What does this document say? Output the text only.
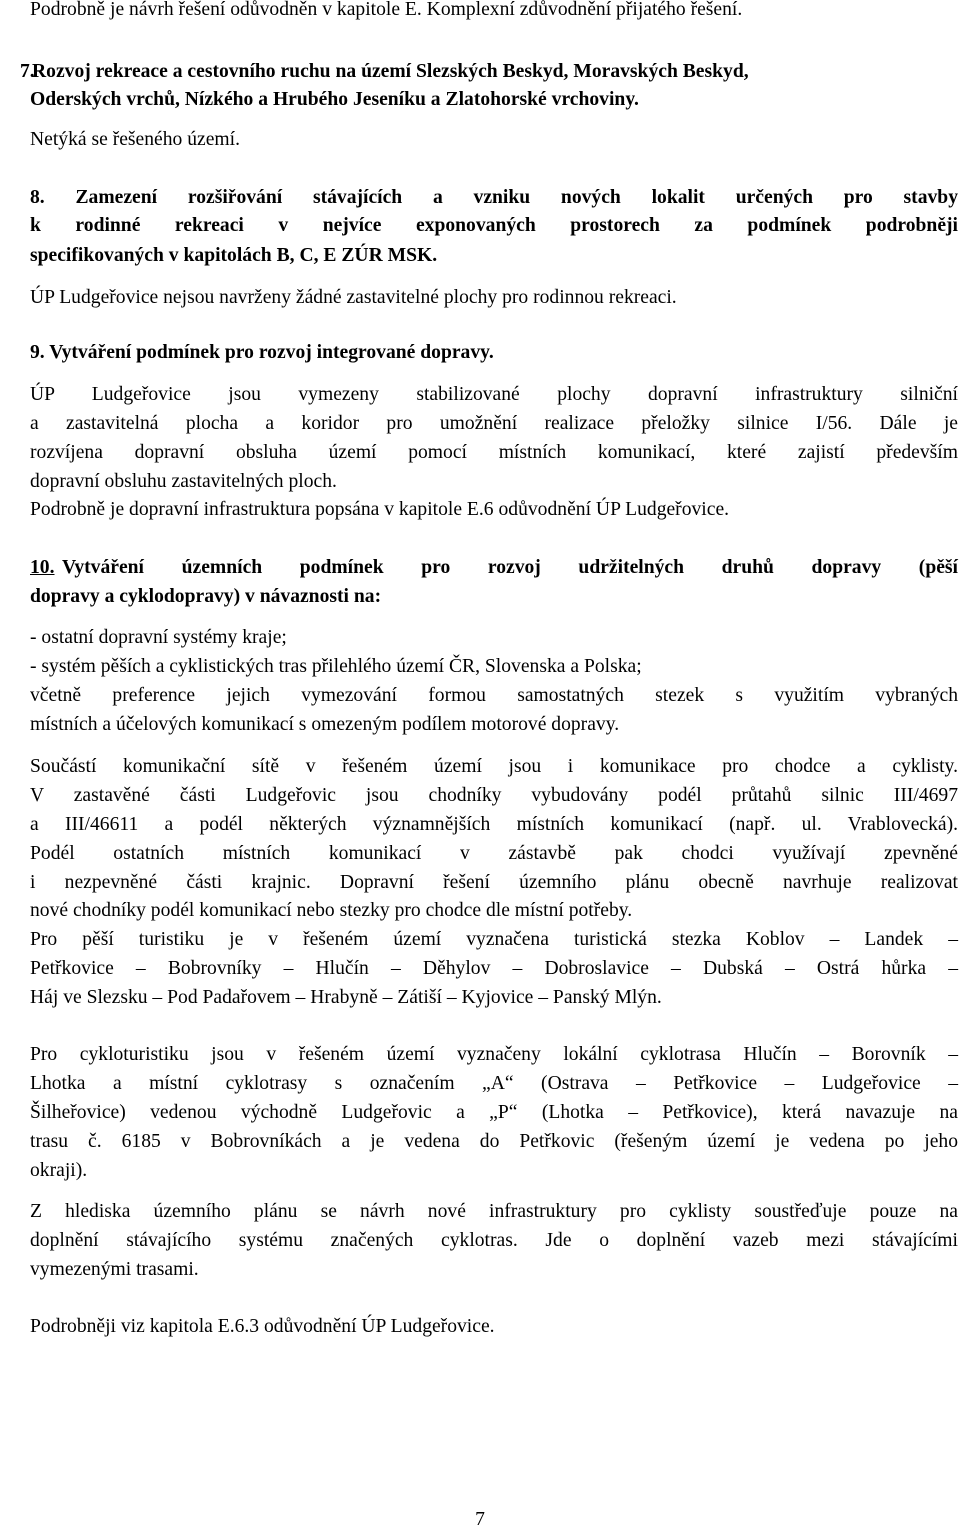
Podrobně je návrh řešení odůvodněn v kapitole E. Komplexní zdůvodnění přijatého řešení.
7.
Rozvoj rekreace a cestovního ruchu na území Slezských Beskyd, Moravských Beskyd,
Oderských vrchů, Nízkého a Hrubého Jeseníku a Zlatohorské vrchoviny.
Netýká se řešeného území.
8. Zamezení rozšiřování stávajících a vzniku nových lokalit určených pro stavby
k rodinné rekreaci v nejvíce exponovaných prostorech za podmínek podrobněji
specifikovaných v kapitolách B, C, E ZÚR MSK.
ÚP Ludgeřovice nejsou navrženy žádné zastavitelné plochy pro rodinnou rekreaci.
9. Vytváření podmínek pro rozvoj integrované dopravy.
ÚP Ludgeřovice jsou vymezeny stabilizované plochy dopravní infrastruktury silniční
a zastavitelná plocha a koridor pro umožnění realizace přeložky silnice I/56. Dále je
rozvíjena dopravní obsluha území pomocí místních komunikací, které zajistí především
dopravní obsluhu zastavitelných ploch.
Podrobně je dopravní infrastruktura popsána v kapitole E.6 odůvodnění ÚP Ludgeřovice.
10. Vytváření územních podmínek pro rozvoj udržitelných druhů dopravy (pěší
dopravy a cyklodopravy) v návaznosti na:
- ostatní dopravní systémy kraje;
- systém pěších a cyklistických tras přilehlého území ČR, Slovenska a Polska;
včetně preference jejich vymezování formou samostatných stezek s využitím vybraných
místních a účelových komunikací s omezeným podílem motorové dopravy.
Součástí komunikační sítě v řešeném území jsou i komunikace pro chodce a cyklisty.
V zastavěné části Ludgeřovic jsou chodníky vybudovány podél průtahů silnic III/4697
a III/46611 a podél některých významnějších místních komunikací (např. ul. Vrablovecká).
Podél ostatních místních komunikací v zástavbě pak chodci využívají zpevněné
i nezpevněné části krajnic. Dopravní řešení územního plánu obecně navrhuje realizovat
nové chodníky podél komunikací nebo stezky pro chodce dle místní potřeby.
Pro pěší turistiku je v řešeném území vyznačena turistická stezka Koblov – Landek –
Petřkovice – Bobrovníky – Hlučín – Děhylov – Dobroslavice – Dubská – Ostrá hůrka –
Háj ve Slezsku – Pod Padařovem – Hrabyně – Zátiší – Kyjovice – Panský Mlýn.
Pro cykloturistiku jsou v řešeném území vyznačeny lokální cyklotrasa Hlučín – Borovník –
Lhotka a místní cyklotrasy s označením „A“ (Ostrava – Petřkovice – Ludgeřovice –
Šilheřovice) vedenou východně Ludgeřovic a „P“ (Lhotka – Petřkovice), která navazuje na
trasu č. 6185 v Bobrovníkách a je vedena do Petřkovic (řešeným území je vedena po jeho
okraji).
Z hlediska územního plánu se návrh nové infrastruktury pro cyklisty soustřeďuje pouze na
doplnění stávajícího systému značených cyklotras. Jde o doplnění vazeb mezi stávajícími
vymezenými trasami.
Podrobněji viz kapitola E.6.3 odůvodnění ÚP Ludgeřovice.
7
